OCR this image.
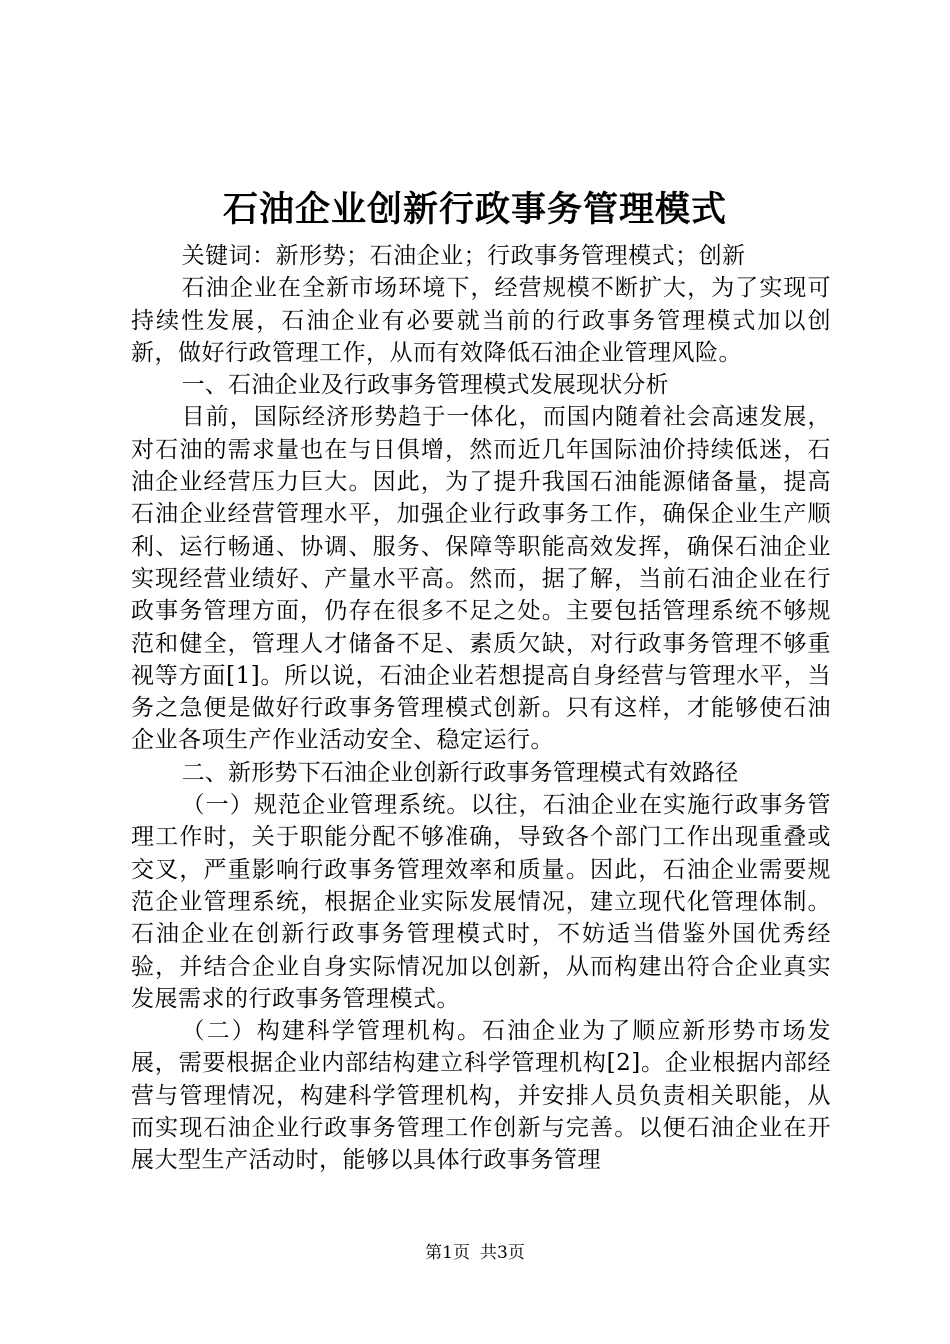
石油企业创新行政事务管理模式

关键词：新形势；石油企业；行政事务管理模式；创新

石油企业在全新市场环境下，经营规模不断扩大，为了实现可持续性发展，石油企业有必要就当前的行政事务管理模式加以创新，做好行政管理工作，从而有效降低石油企业管理风险。

一、石油企业及行政事务管理模式发展现状分析

目前，国际经济形势趋于一体化，而国内随着社会高速发展，对石油的需求量也在与日俱增，然而近几年国际油价持续低迷，石油企业经营压力巨大。因此，为了提升我国石油能源储备量，提高石油企业经营管理水平，加强企业行政事务工作，确保企业生产顺利、运行畅通、协调、服务、保障等职能高效发挥，确保石油企业实现经营业绩好、产量水平高。然而，据了解，当前石油企业在行政事务管理方面，仍存在很多不足之处。主要包括管理系统不够规范和健全，管理人才储备不足、素质欠缺，对行政事务管理不够重视等方面[1]。所以说，石油企业若想提高自身经营与管理水平，当务之急便是做好行政事务管理模式创新。只有这样，才能够使石油企业各项生产作业活动安全、稳定运行。

二、新形势下石油企业创新行政事务管理模式有效路径

（一）规范企业管理系统。以往，石油企业在实施行政事务管理工作时，关于职能分配不够准确，导致各个部门工作出现重叠或交叉，严重影响行政事务管理效率和质量。因此，石油企业需要规范企业管理系统，根据企业实际发展情况，建立现代化管理体制。石油企业在创新行政事务管理模式时，不妨适当借鉴外国优秀经验，并结合企业自身实际情况加以创新，从而构建出符合企业真实发展需求的行政事务管理模式。

（二）构建科学管理机构。石油企业为了顺应新形势市场发展，需要根据企业内部结构建立科学管理机构[2]。企业根据内部经营与管理情况，构建科学管理机构，并安排人员负责相关职能，从而实现石油企业行政事务管理工作创新与完善。以便石油企业在开展大型生产活动时，能够以具体行政事务管理

第1页 共3页
